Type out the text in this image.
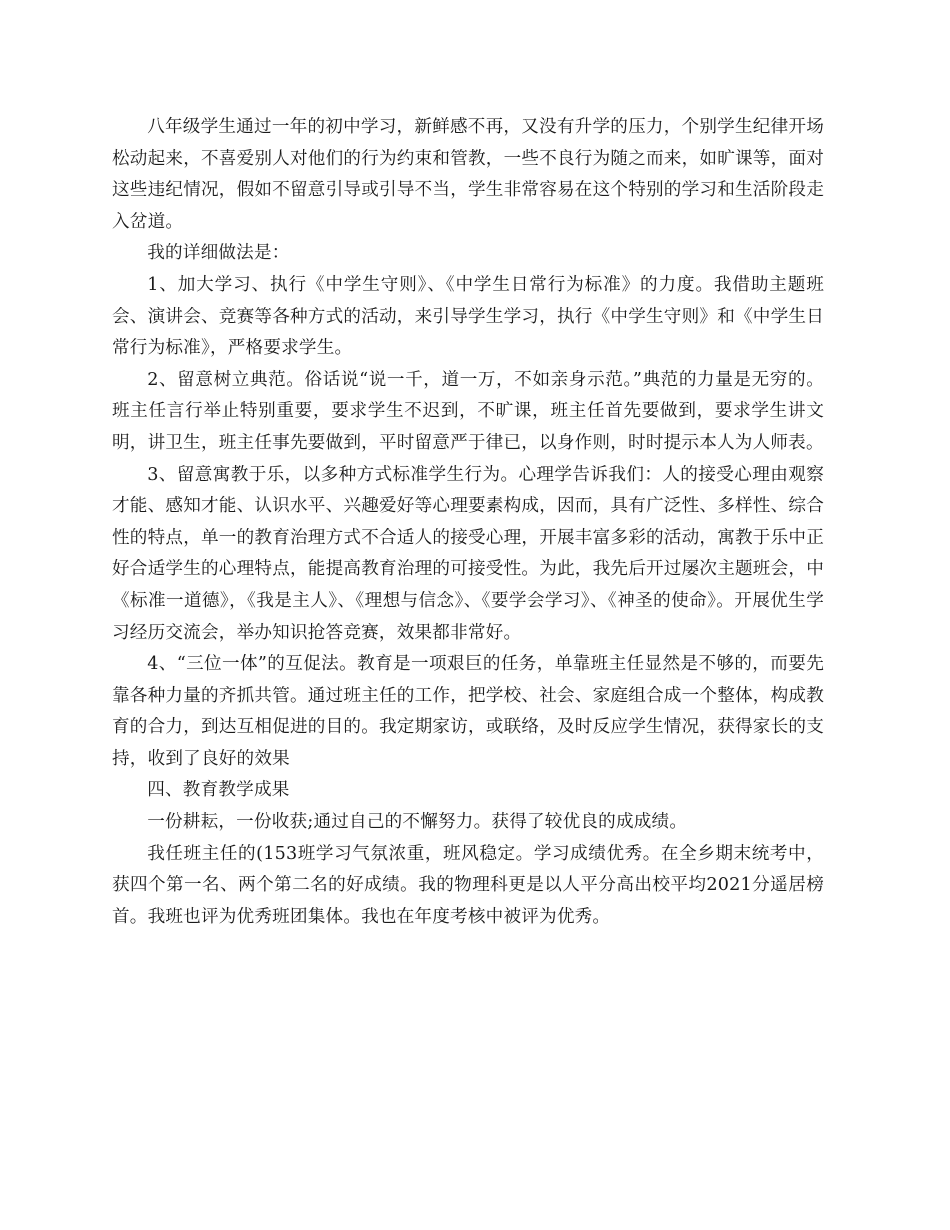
八年级学生通过一年的初中学习，新鲜感不再，又没有升学的压力，个别学生纪律开场松动起来，不喜爱别人对他们的行为约束和管教，一些不良行为随之而来，如旷课等，面对这些违纪情况，假如不留意引导或引导不当，学生非常容易在这个特别的学习和生活阶段走入岔道。

我的详细做法是：

1、加大学习、执行《中学生守则》、《中学生日常行为标准》的力度。我借助主题班会、演讲会、竞赛等各种方式的活动，来引导学生学习，执行《中学生守则》和《中学生日常行为标准》，严格要求学生。

2、留意树立典范。俗话说“说一千，道一万，不如亲身示范。”典范的力量是无穷的。班主任言行举止特别重要，要求学生不迟到，不旷课，班主任首先要做到，要求学生讲文明，讲卫生，班主任事先要做到，平时留意严于律已，以身作则，时时提示本人为人师表。

3、留意寓教于乐，以多种方式标准学生行为。心理学告诉我们：人的接受心理由观察才能、感知才能、认识水平、兴趣爱好等心理要素构成，因而，具有广泛性、多样性、综合性的特点，单一的教育治理方式不合适人的接受心理，开展丰富多彩的活动，寓教于乐中正好合适学生的心理特点，能提高教育治理的可接受性。为此，我先后开过屡次主题班会，中《标准一道德》，《我是主人》、《理想与信念》、《要学会学习》、《神圣的使命》。开展优生学习经历交流会，举办知识抢答竞赛，效果都非常好。

4、“三位一体”的互促法。教育是一项艰巨的任务，单靠班主任显然是不够的，而要先靠各种力量的齐抓共管。通过班主任的工作，把学校、社会、家庭组合成一个整体，构成教育的合力，到达互相促进的目的。我定期家访，或联络，及时反应学生情况，获得家长的支持，收到了良好的效果

四、教育教学成果

一份耕耘，一份收获;通过自己的不懈努力。获得了较优良的成成绩。

我任班主任的(153班学习气氛浓重，班风稳定。学习成绩优秀。在全乡期末统考中，获四个第一名、两个第二名的好成绩。我的物理科更是以人平分高出校平均2021分遥居榜首。我班也评为优秀班团集体。我也在年度考核中被评为优秀。
